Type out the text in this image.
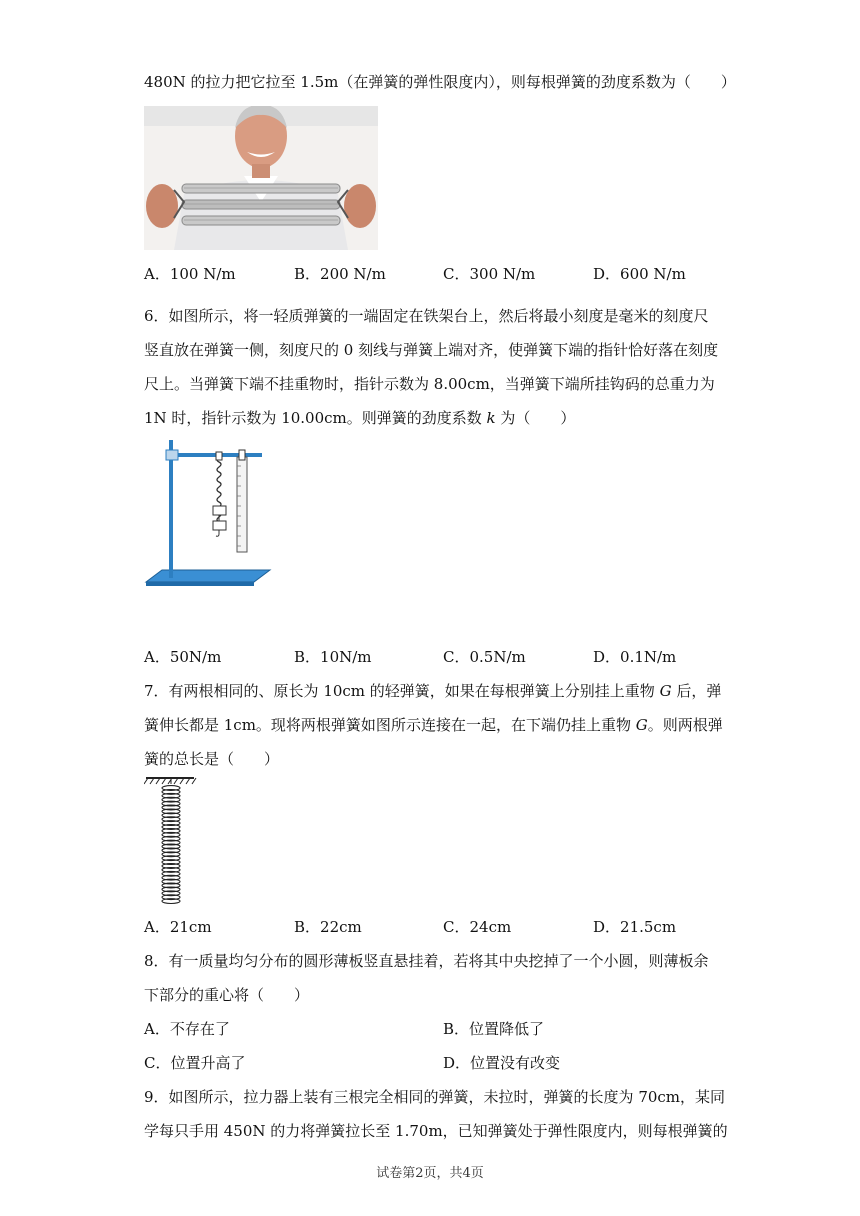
480N 的拉力把它拉至 1.5m（在弹簧的弹性限度内），则每根弹簧的劲度系数为（　　）
A．100 N/m	B．200 N/m	C．300 N/m	D．600 N/m
6．如图所示，将一轻质弹簧的一端固定在铁架台上，然后将最小刻度是毫米的刻度尺
竖直放在弹簧一侧，刻度尺的 0 刻线与弹簧上端对齐，使弹簧下端的指针恰好落在刻度
尺上。当弹簧下端不挂重物时，指针示数为 8.00cm，当弹簧下端所挂钩码的总重力为
1N 时，指针示数为 10.00cm。则弹簧的劲度系数 k 为（　　）
A．50N/m	B．10N/m	C．0.5N/m	D．0.1N/m
7．有两根相同的、原长为 10cm 的轻弹簧，如果在每根弹簧上分别挂上重物 G 后，弹
簧伸长都是 1cm。现将两根弹簧如图所示连接在一起，在下端仍挂上重物 G。则两根弹
簧的总长是（　　）
A．21cm	B．22cm	C．24cm	D．21.5cm
8．有一质量均匀分布的圆形薄板竖直悬挂着，若将其中央挖掉了一个小圆，则薄板余
下部分的重心将（　　）
A．不存在了	B．位置降低了
C．位置升高了	D．位置没有改变
9．如图所示，拉力器上装有三根完全相同的弹簧，未拉时，弹簧的长度为 70cm，某同
学每只手用 450N 的力将弹簧拉长至 1.70m，已知弹簧处于弹性限度内，则每根弹簧的
试卷第2页，共4页
